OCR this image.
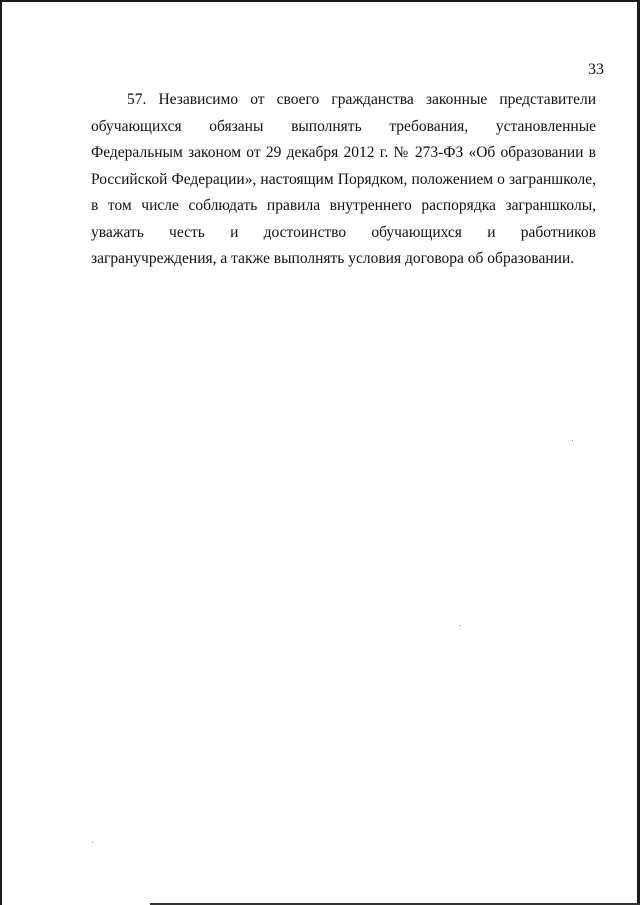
33

57. Независимо от своего гражданства законные представители обучающихся обязаны выполнять требования, установленные Федеральным законом от 29 декабря 2012 г. № 273-ФЗ «Об образовании в Российской Федерации», настоящим Порядком, положением о заграншколе, в том числе соблюдать правила внутреннего распорядка заграншколы, уважать честь и достоинство обучающихся и работников загранучреждения, а также выполнять условия договора об образовании.
